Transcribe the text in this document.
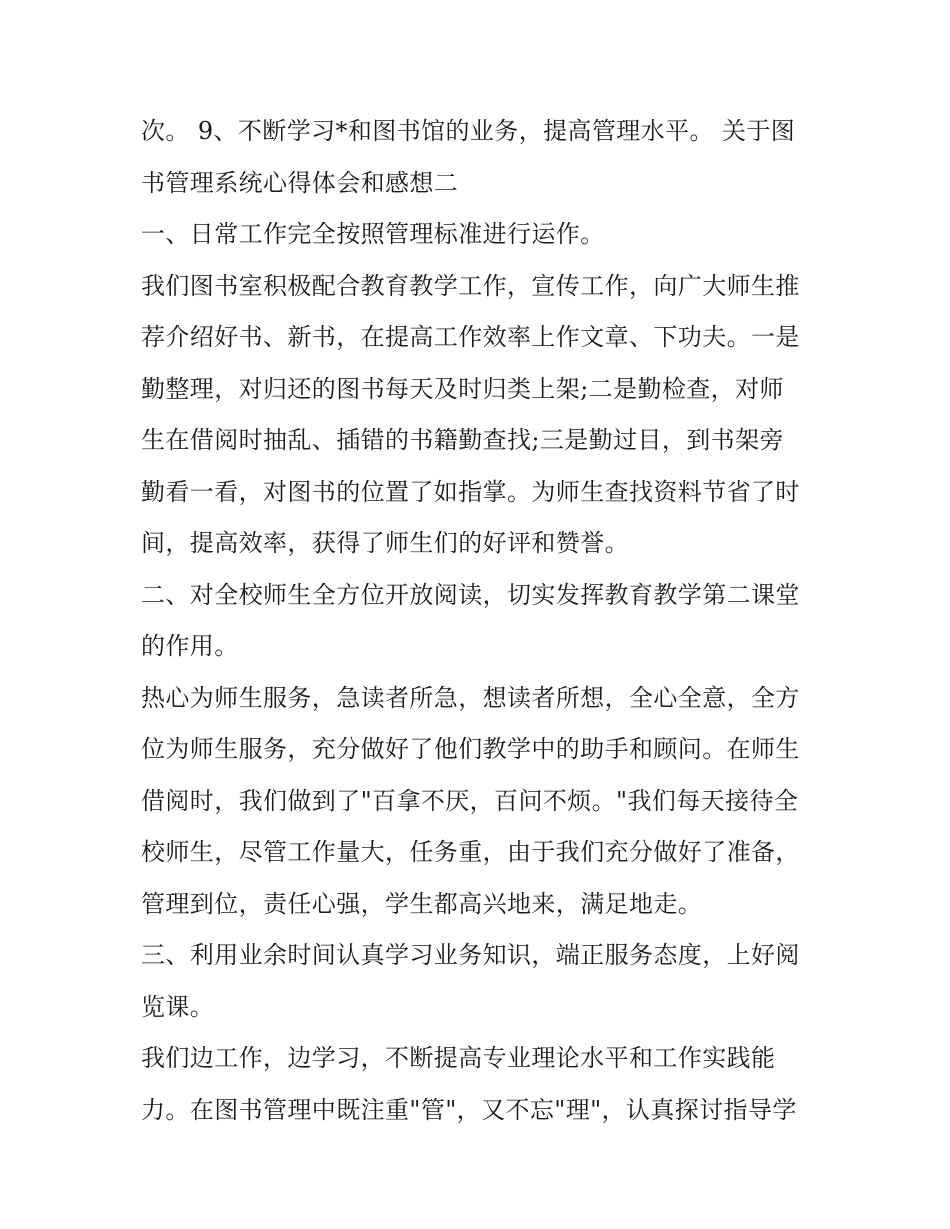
次。 9、不断学习*和图书馆的业务，提高管理水平。 关于图
书管理系统心得体会和感想二
一、日常工作完全按照管理标准进行运作。
我们图书室积极配合教育教学工作，宣传工作，向广大师生推
荐介绍好书、新书，在提高工作效率上作文章、下功夫。一是
勤整理，对归还的图书每天及时归类上架;二是勤检查，对师
生在借阅时抽乱、插错的书籍勤查找;三是勤过目，到书架旁
勤看一看，对图书的位置了如指掌。为师生查找资料节省了时
间，提高效率，获得了师生们的好评和赞誉。
二、对全校师生全方位开放阅读，切实发挥教育教学第二课堂
的作用。
热心为师生服务，急读者所急，想读者所想，全心全意，全方
位为师生服务，充分做好了他们教学中的助手和顾问。在师生
借阅时，我们做到了"百拿不厌，百问不烦。"我们每天接待全
校师生，尽管工作量大，任务重，由于我们充分做好了准备，
管理到位，责任心强，学生都高兴地来，满足地走。
三、利用业余时间认真学习业务知识，端正服务态度，上好阅
览课。
我们边工作，边学习，不断提高专业理论水平和工作实践能
力。在图书管理中既注重"管"，又不忘"理"，认真探讨指导学
